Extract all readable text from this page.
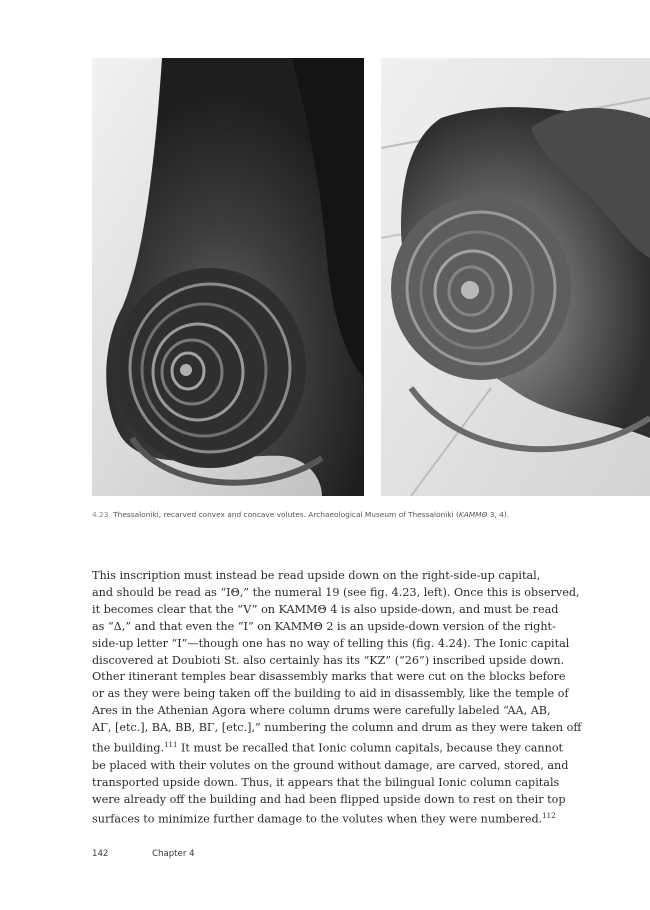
4.23. Thessaloniki, recarved convex and concave volutes. Archaeological Museum of Thessaloniki (KAMMΘ 3, 4).
This inscription must instead be read upside down on the right-side-up capital,
and should be read as “IΘ,” the numeral 19 (see fig. 4.23, left). Once this is observed,
it becomes clear that the “V” on KAMMΘ 4 is also upside-down, and must be read
as “Δ,” and that even the “I” on KAMMΘ 2 is an upside-down version of the right-
side-up letter “I”—though one has no way of telling this (fig. 4.24). The Ionic capital
discovered at Doubioti St. also certainly has its “KZ” (“26”) inscribed upside down.
Other itinerant temples bear disassembly marks that were cut on the blocks before
or as they were being taken off the building to aid in disassembly, like the temple of
Ares in the Athenian Agora where column drums were carefully labeled “AA, AB,
AΓ, [etc.], BA, BB, BΓ, [etc.],” numbering the column and drum as they were taken off
the building.$^{111}$ It must be recalled that Ionic column capitals, because they cannot
be placed with their volutes on the ground without damage, are carved, stored, and
transported upside down. Thus, it appears that the bilingual Ionic column capitals
were already off the building and had been flipped upside down to rest on their top
surfaces to minimize further damage to the volutes when they were numbered.$^{112}$
142	Chapter 4
